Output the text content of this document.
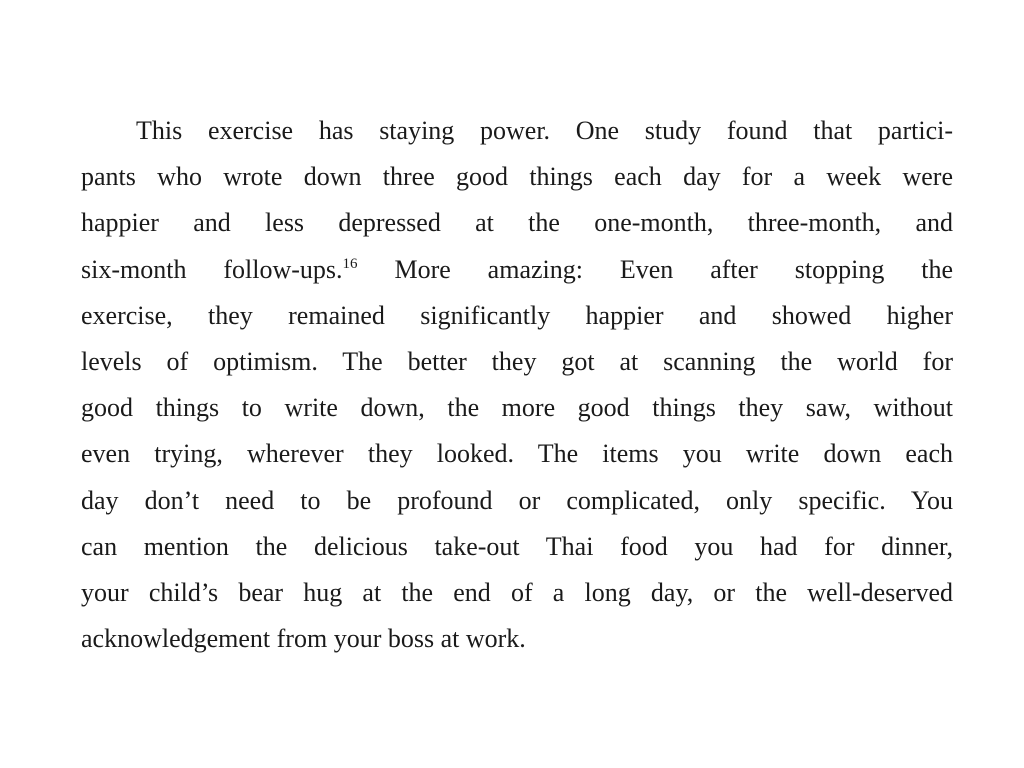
This exercise has staying power. One study found that partici-
pants who wrote down three good things each day for a week were
happier and less depressed at the one-month, three-month, and
six-month follow-ups.$^{16}$ More amazing: Even after stopping the
exercise, they remained significantly happier and showed higher
levels of optimism. The better they got at scanning the world for
good things to write down, the more good things they saw, without
even trying, wherever they looked. The items you write down each
day don’t need to be profound or complicated, only specific. You
can mention the delicious take-out Thai food you had for dinner,
your child’s bear hug at the end of a long day, or the well-deserved
acknowledgement from your boss at work.
